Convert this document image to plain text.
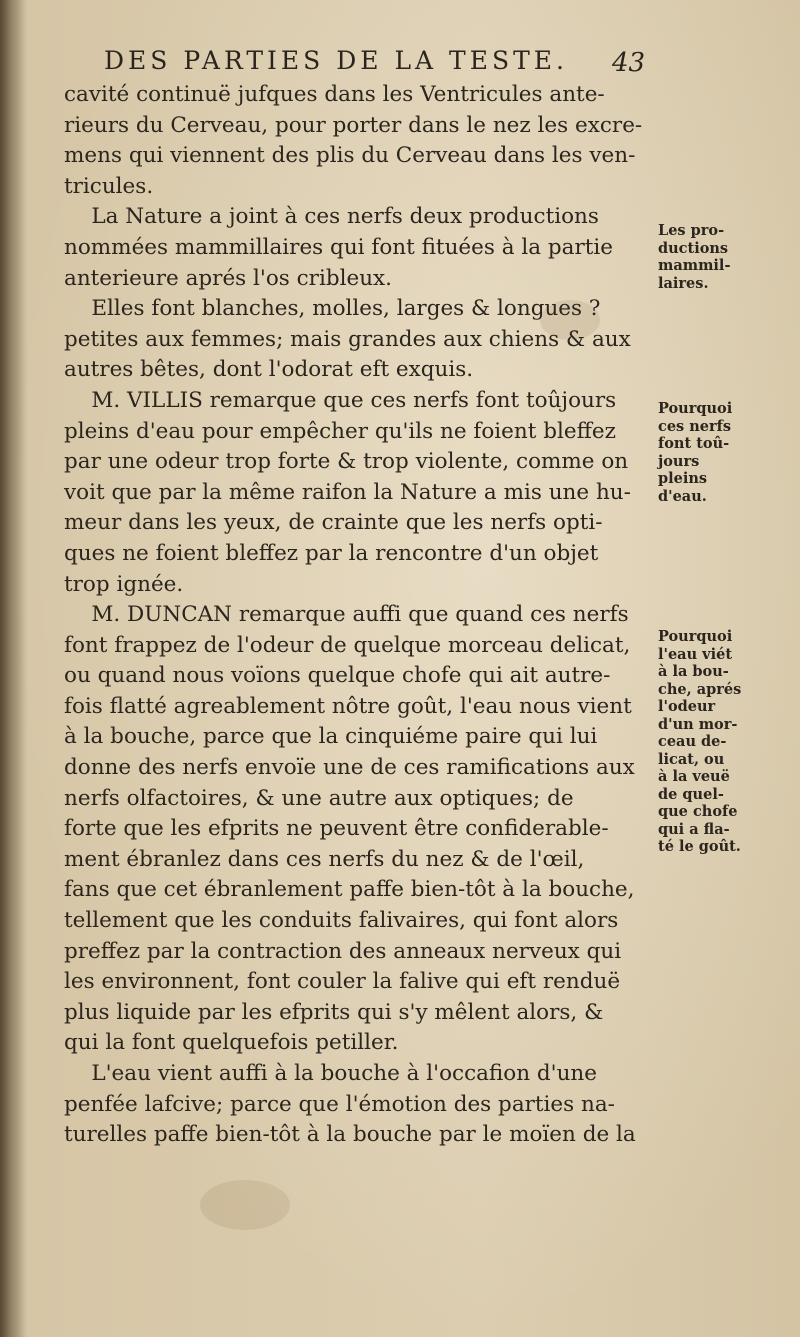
DES PARTIES DE LA TESTE.	43
cavité continuë jufques dans les Ventricules ante-
rieurs du Cerveau, pour porter dans le nez les excre-
mens qui viennent des plis du Cerveau dans les ven-
tricules.
La Nature a joint à ces nerfs deux productions
nommées mammillaires qui font fituées à la partie
anterieure aprés l'os cribleux.
Elles font blanches, molles, larges & longues ?
petites aux femmes; mais grandes aux chiens & aux
autres bêtes, dont l'odorat eft exquis.
M. VILLIS remarque que ces nerfs font toûjours
pleins d'eau pour empêcher qu'ils ne foient bleffez
par une odeur trop forte & trop violente, comme on
voit que par la même raifon la Nature a mis une hu-
meur dans les yeux, de crainte que les nerfs opti-
ques ne foient bleffez par la rencontre d'un objet
trop ignée.
M. DUNCAN remarque auffi que quand ces nerfs
font frappez de l'odeur de quelque morceau delicat,
ou quand nous voïons quelque chofe qui ait autre-
fois flatté agreablement nôtre goût, l'eau nous vient
à la bouche, parce que la cinquiéme paire qui lui
donne des nerfs envoïe une de ces ramifications aux
nerfs olfactoires, & une autre aux optiques; de
forte que les efprits ne peuvent être confiderable-
ment ébranlez dans ces nerfs du nez & de l'œil,
fans que cet ébranlement paffe bien-tôt à la bouche,
tellement que les conduits falivaires, qui font alors
preffez par la contraction des anneaux nerveux qui
les environnent, font couler la falive qui eft renduë
plus liquide par les efprits qui s'y mêlent alors, &
qui la font quelquefois petiller.
L'eau vient auffi à la bouche à l'occafion d'une
penfée lafcive; parce que l'émotion des parties na-
turelles paffe bien-tôt à la bouche par le moïen de la
Les pro-
ductions
mammil-
laires.
Pourquoi
ces nerfs
font toû-
jours
pleins
d'eau.
Pourquoi
l'eau viét
à la bou-
che, aprés
l'odeur
d'un mor-
ceau de-
licat, ou
à la veuë
de quel-
que chofe
qui a fla-
té le goût.
